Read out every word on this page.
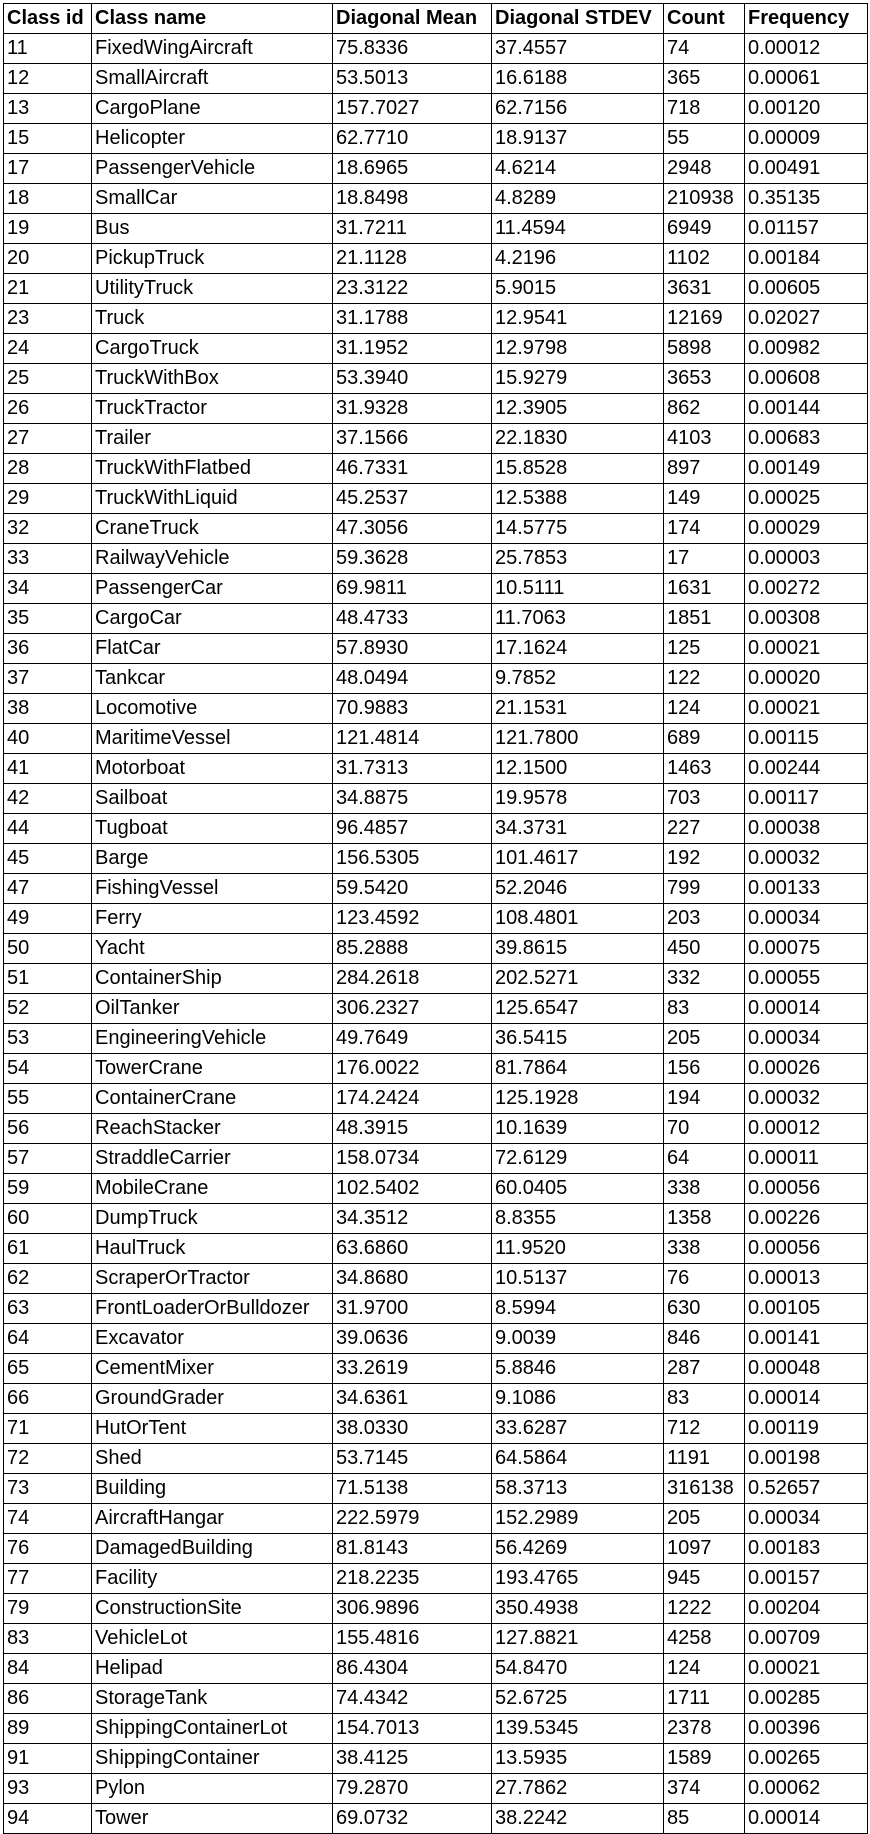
Class id	Class name	Diagonal Mean	Diagonal STDEV	Count	Frequency
11	FixedWingAircraft	75.8336	37.4557	74	0.00012
12	SmallAircraft	53.5013	16.6188	365	0.00061
13	CargoPlane	157.7027	62.7156	718	0.00120
15	Helicopter	62.7710	18.9137	55	0.00009
17	PassengerVehicle	18.6965	4.6214	2948	0.00491
18	SmallCar	18.8498	4.8289	210938	0.35135
19	Bus	31.7211	11.4594	6949	0.01157
20	PickupTruck	21.1128	4.2196	1102	0.00184
21	UtilityTruck	23.3122	5.9015	3631	0.00605
23	Truck	31.1788	12.9541	12169	0.02027
24	CargoTruck	31.1952	12.9798	5898	0.00982
25	TruckWithBox	53.3940	15.9279	3653	0.00608
26	TruckTractor	31.9328	12.3905	862	0.00144
27	Trailer	37.1566	22.1830	4103	0.00683
28	TruckWithFlatbed	46.7331	15.8528	897	0.00149
29	TruckWithLiquid	45.2537	12.5388	149	0.00025
32	CraneTruck	47.3056	14.5775	174	0.00029
33	RailwayVehicle	59.3628	25.7853	17	0.00003
34	PassengerCar	69.9811	10.5111	1631	0.00272
35	CargoCar	48.4733	11.7063	1851	0.00308
36	FlatCar	57.8930	17.1624	125	0.00021
37	Tankcar	48.0494	9.7852	122	0.00020
38	Locomotive	70.9883	21.1531	124	0.00021
40	MaritimeVessel	121.4814	121.7800	689	0.00115
41	Motorboat	31.7313	12.1500	1463	0.00244
42	Sailboat	34.8875	19.9578	703	0.00117
44	Tugboat	96.4857	34.3731	227	0.00038
45	Barge	156.5305	101.4617	192	0.00032
47	FishingVessel	59.5420	52.2046	799	0.00133
49	Ferry	123.4592	108.4801	203	0.00034
50	Yacht	85.2888	39.8615	450	0.00075
51	ContainerShip	284.2618	202.5271	332	0.00055
52	OilTanker	306.2327	125.6547	83	0.00014
53	EngineeringVehicle	49.7649	36.5415	205	0.00034
54	TowerCrane	176.0022	81.7864	156	0.00026
55	ContainerCrane	174.2424	125.1928	194	0.00032
56	ReachStacker	48.3915	10.1639	70	0.00012
57	StraddleCarrier	158.0734	72.6129	64	0.00011
59	MobileCrane	102.5402	60.0405	338	0.00056
60	DumpTruck	34.3512	8.8355	1358	0.00226
61	HaulTruck	63.6860	11.9520	338	0.00056
62	ScraperOrTractor	34.8680	10.5137	76	0.00013
63	FrontLoaderOrBulldozer	31.9700	8.5994	630	0.00105
64	Excavator	39.0636	9.0039	846	0.00141
65	CementMixer	33.2619	5.8846	287	0.00048
66	GroundGrader	34.6361	9.1086	83	0.00014
71	HutOrTent	38.0330	33.6287	712	0.00119
72	Shed	53.7145	64.5864	1191	0.00198
73	Building	71.5138	58.3713	316138	0.52657
74	AircraftHangar	222.5979	152.2989	205	0.00034
76	DamagedBuilding	81.8143	56.4269	1097	0.00183
77	Facility	218.2235	193.4765	945	0.00157
79	ConstructionSite	306.9896	350.4938	1222	0.00204
83	VehicleLot	155.4816	127.8821	4258	0.00709
84	Helipad	86.4304	54.8470	124	0.00021
86	StorageTank	74.4342	52.6725	1711	0.00285
89	ShippingContainerLot	154.7013	139.5345	2378	0.00396
91	ShippingContainer	38.4125	13.5935	1589	0.00265
93	Pylon	79.2870	27.7862	374	0.00062
94	Tower	69.0732	38.2242	85	0.00014
